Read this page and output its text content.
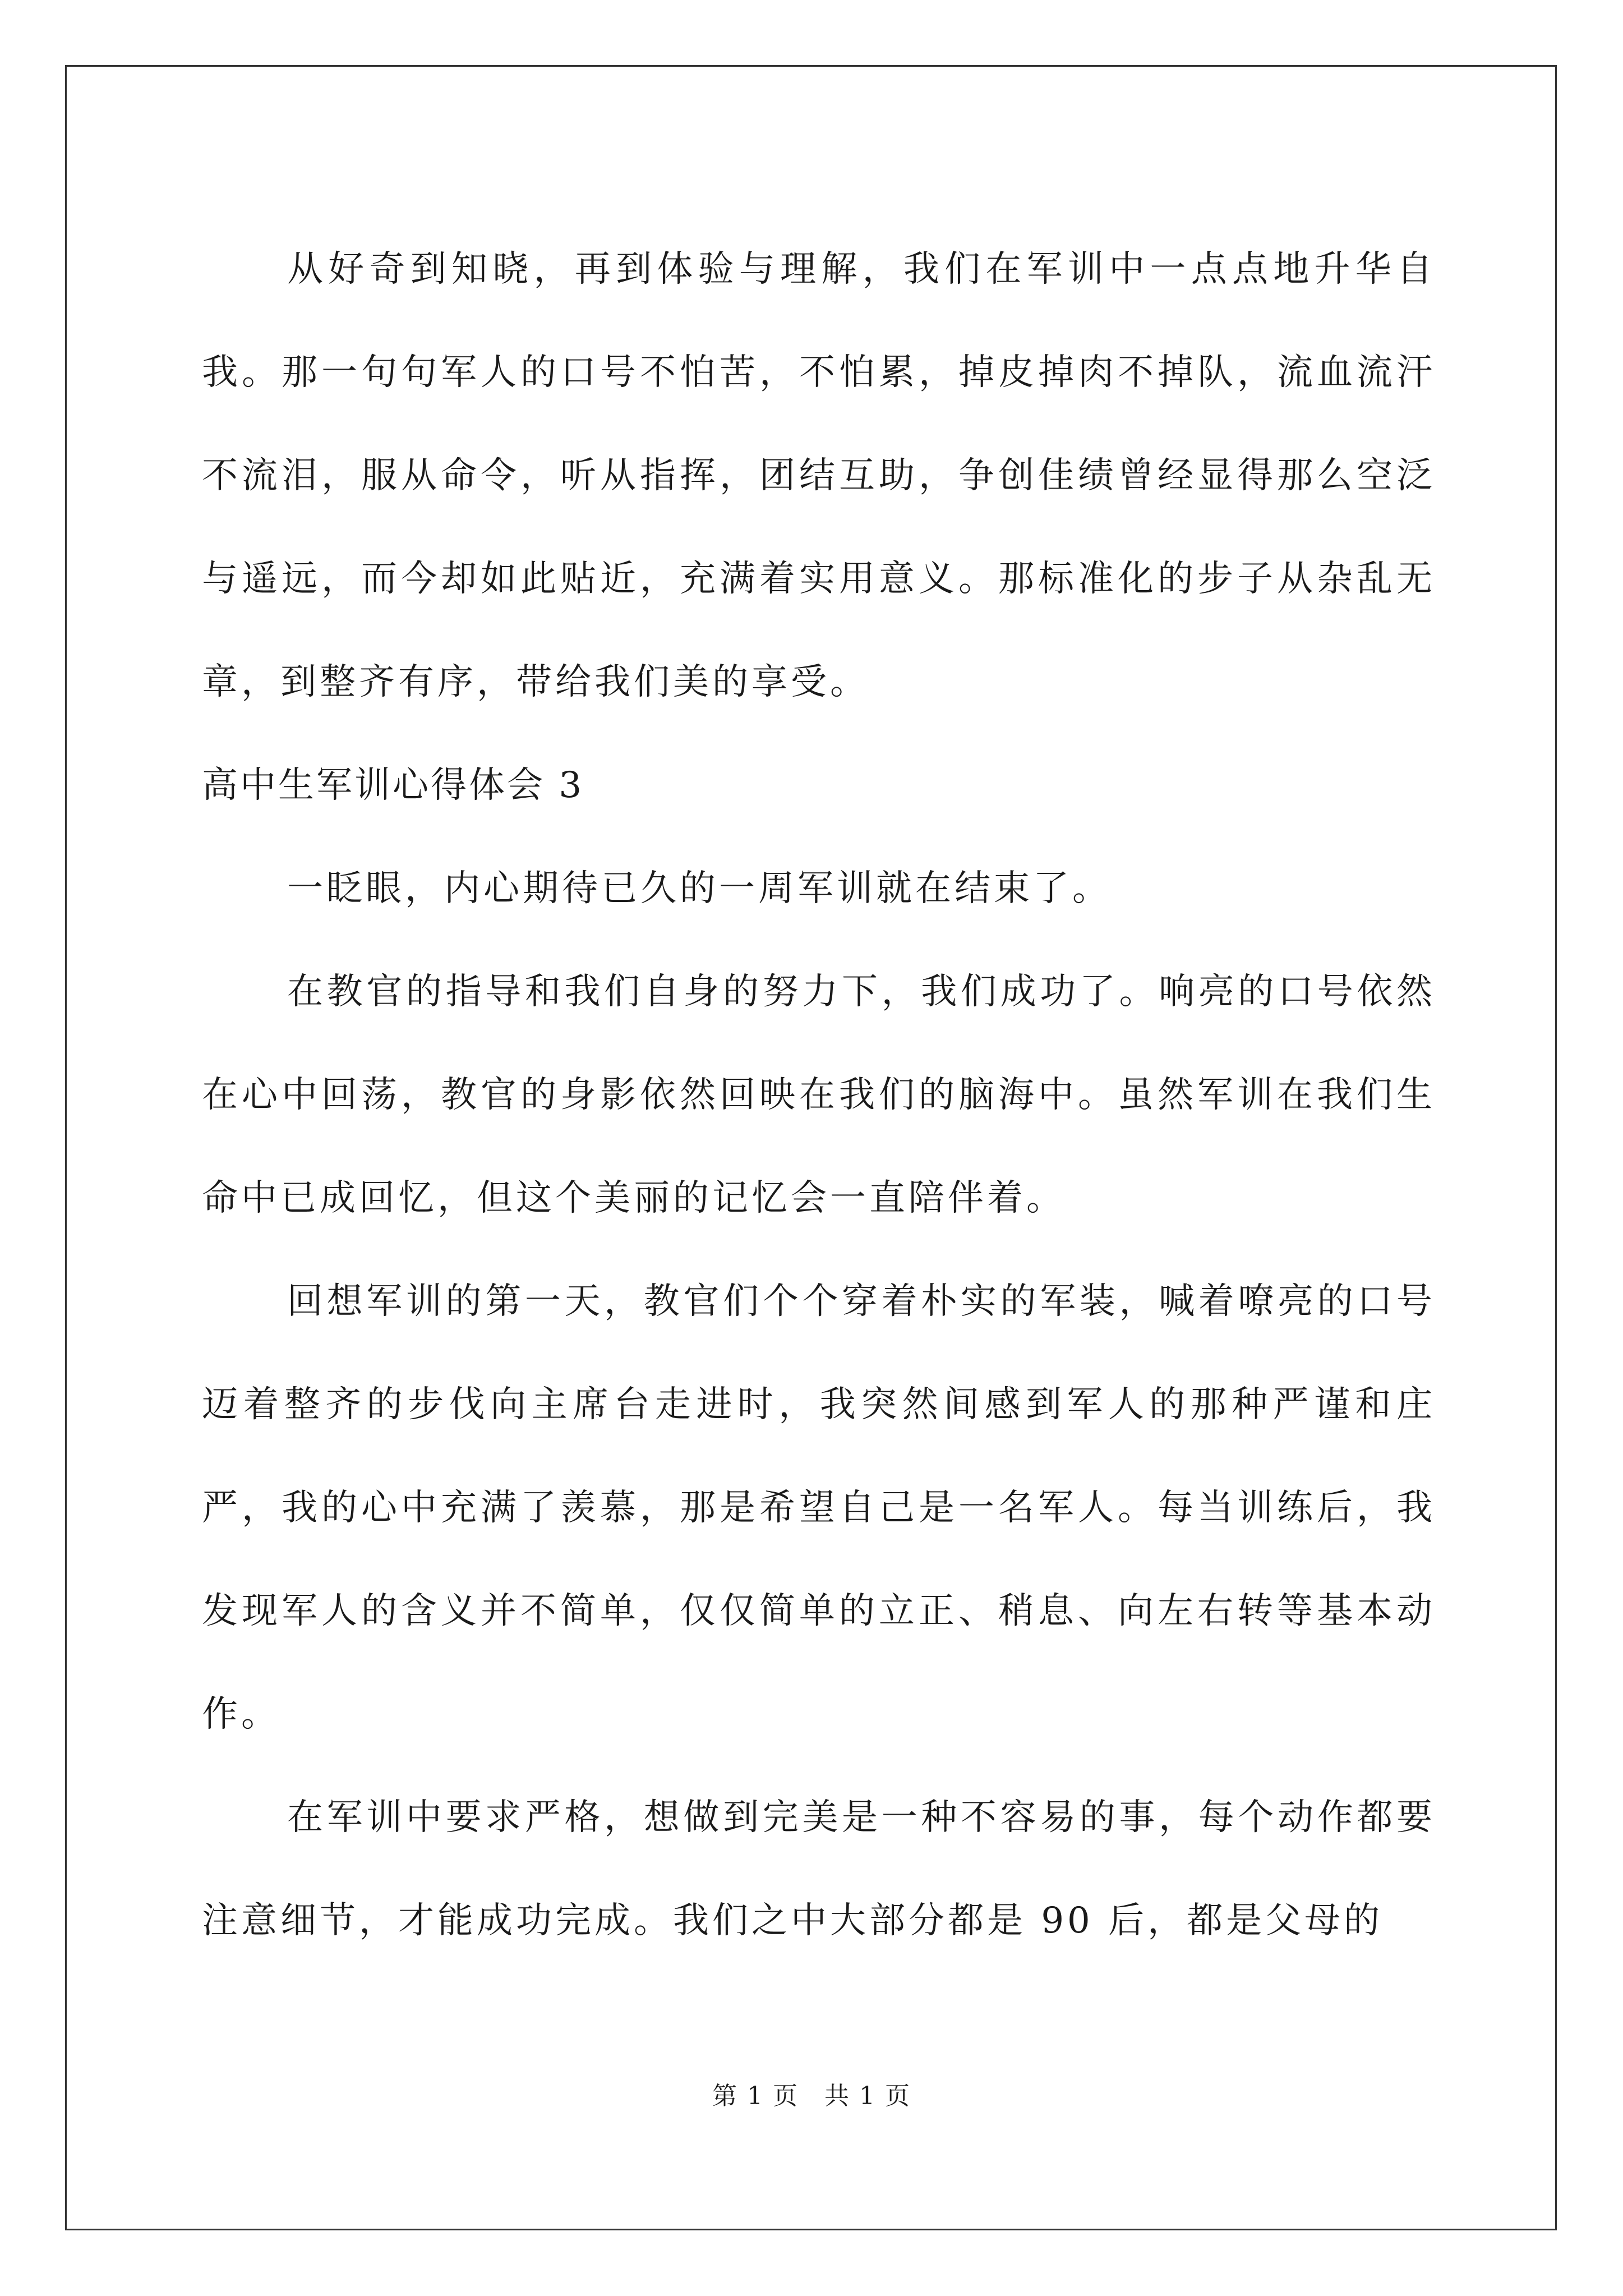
从好奇到知晓，再到体验与理解，我们在军训中一点点地升华自我。那一句句军人的口号不怕苦，不怕累，掉皮掉肉不掉队，流血流汗不流泪，服从命令，听从指挥，团结互助，争创佳绩曾经显得那么空泛与遥远，而今却如此贴近，充满着实用意义。那标准化的步子从杂乱无章，到整齐有序，带给我们美的享受。

高中生军训心得体会 3

一眨眼，内心期待已久的一周军训就在结束了。

在教官的指导和我们自身的努力下，我们成功了。响亮的口号依然在心中回荡，教官的身影依然回映在我们的脑海中。虽然军训在我们生命中已成回忆，但这个美丽的记忆会一直陪伴着。

回想军训的第一天，教官们个个穿着朴实的军装，喊着嘹亮的口号迈着整齐的步伐向主席台走进时，我突然间感到军人的那种严谨和庄严，我的心中充满了羡慕，那是希望自己是一名军人。每当训练后，我发现军人的含义并不简单，仅仅简单的立正、稍息、向左右转等基本动作。

在军训中要求严格，想做到完美是一种不容易的事，每个动作都要注意细节，才能成功完成。我们之中大部分都是 90 后，都是父母的

第 1 页　共 1 页
